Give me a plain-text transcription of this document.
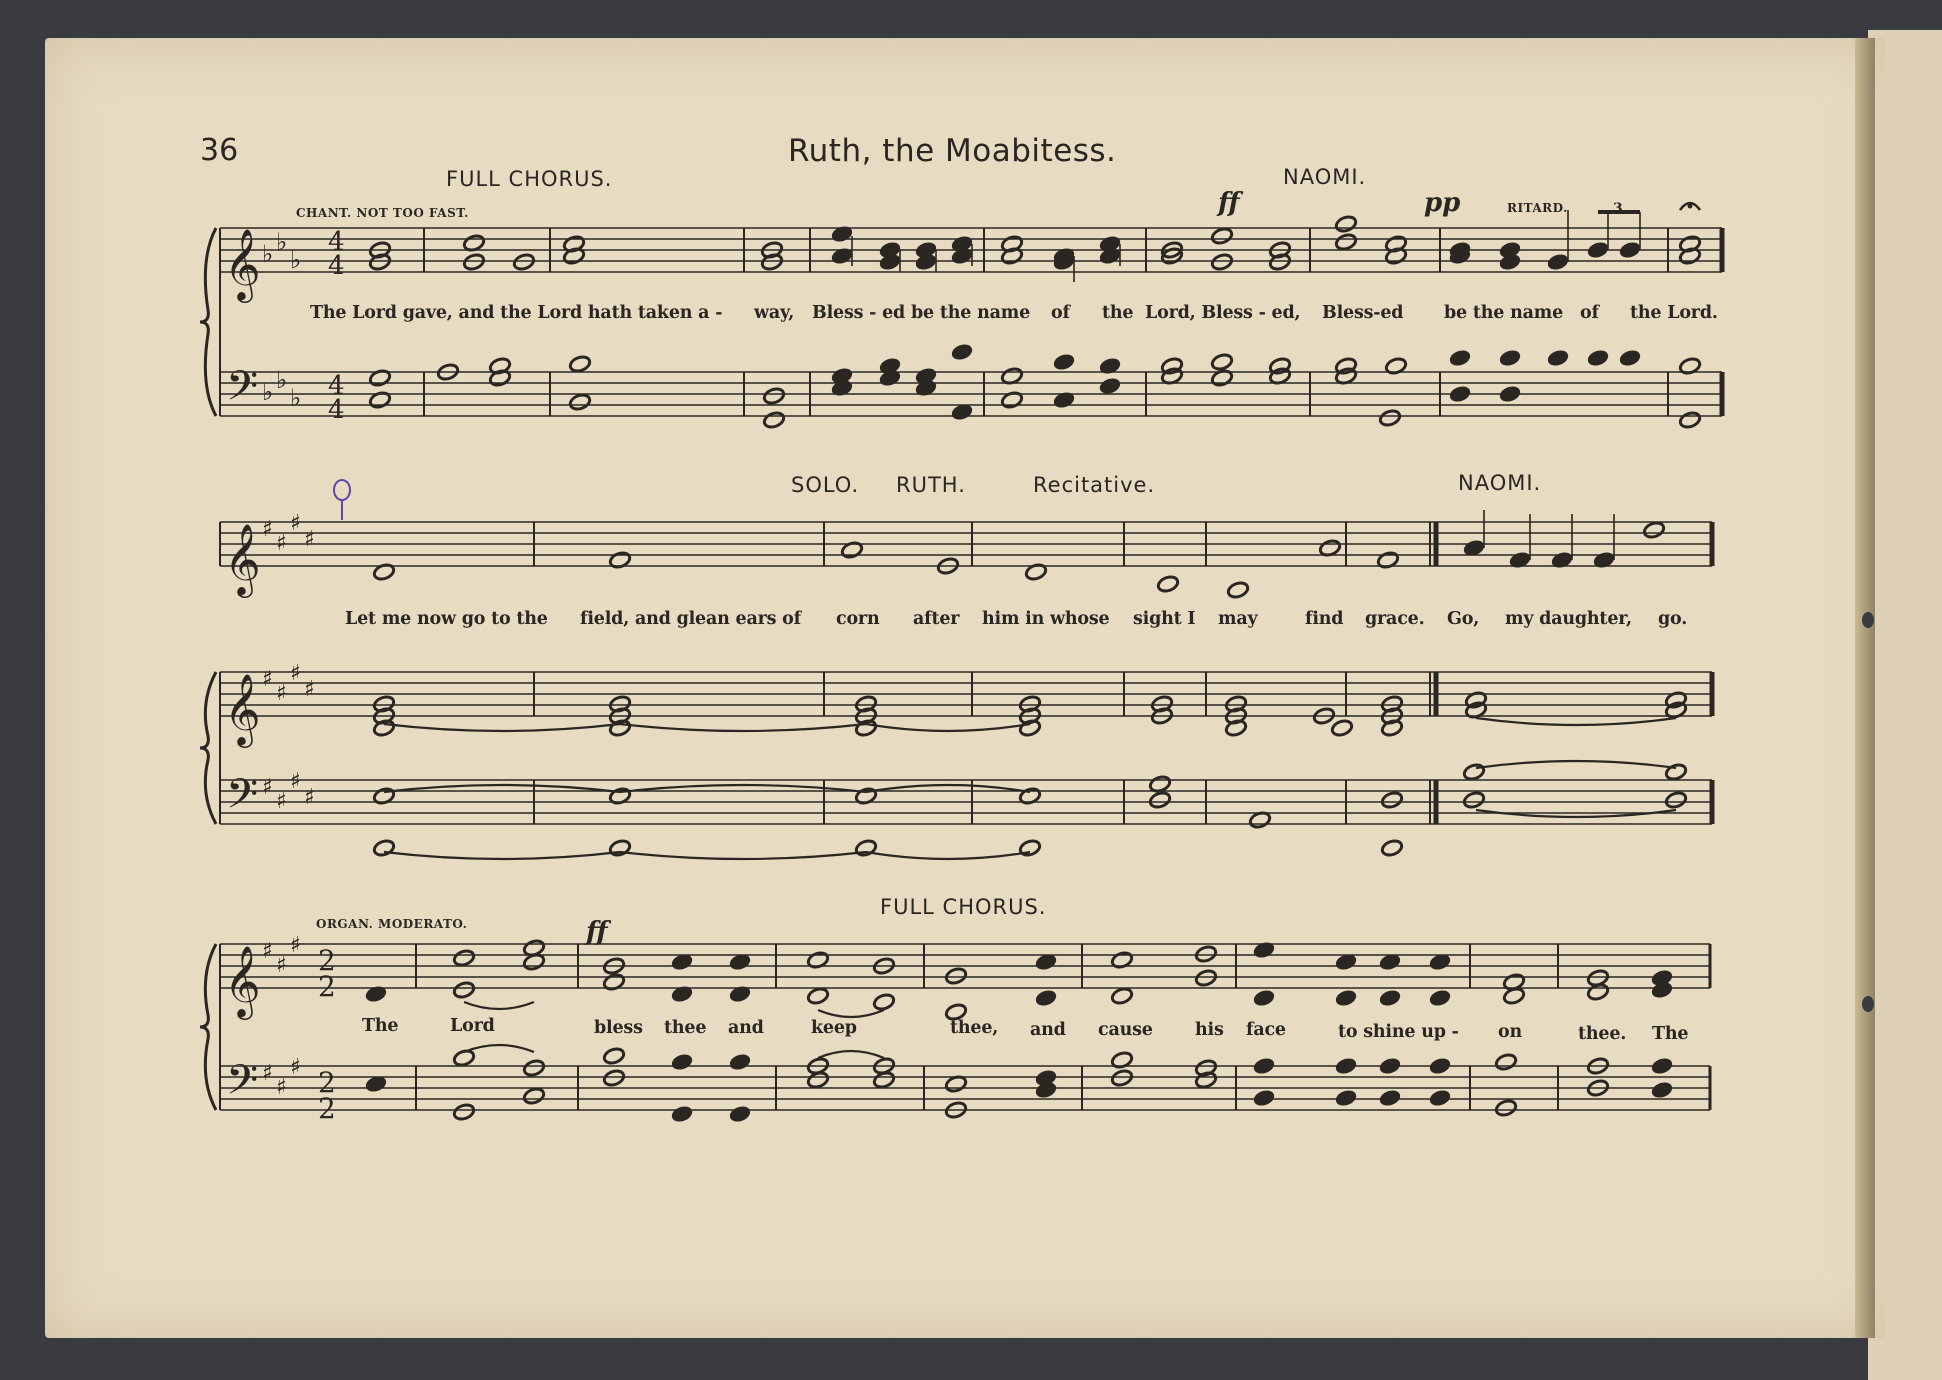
𝄞
𝄢
♭ ♭
♭
♭ ♭
♭
4
4
4
4
𝄞
𝄞
𝄢
♯
♯
♯
♯
♯
♯
♯
♯
♯
♯
♯
♯
𝄞
𝄢
♯
♯
♯
♯
♯
♯
2
2
2
2
36	Ruth, the Moabitess.
FULL CHORUS.	NAOMI.
CHANT. NOT TOO FAST.	ff	pp	RITARD.	3
The Lord gave, and the Lord hath taken a - way, Bless - ed be the name of the Lord, Bless - ed, Bless-ed be the name of the Lord.
SOLO. RUTH.	Recitative.	NAOMI.
Let me now go to the field, and glean ears of corn after him in whose sight I may	find grace. Go, my daughter, go.
FULL CHORUS.
ORGAN. MODERATO.	ff
The	Lord	bless thee and	keep	thee, and cause his face	to shine up - on	thee. The
